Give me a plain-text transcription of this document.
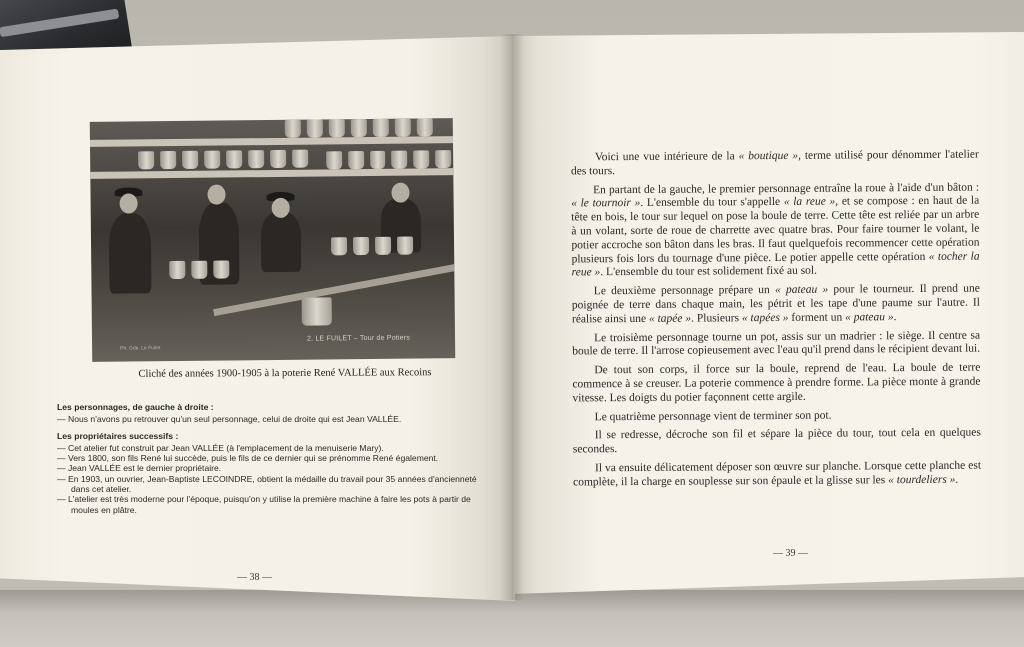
2. LE FUILET – Tour de Potiers
Ph. Gde. Le Fuilet
Cliché des années 1900-1905 à la poterie René VALLÉE aux Recoins
Les personnages, de gauche à droite :
— Nous n'avons pu retrouver qu'un seul personnage, celui de droite qui est Jean VALLÉE.
Les propriétaires successifs :
— Cet atelier fut construit par Jean VALLÉE (à l'emplacement de la menuiserie Mary).
— Vers 1800, son fils René lui succède, puis le fils de ce dernier qui se prénomme René également.
— Jean VALLÉE est le dernier propriétaire.
— En 1903, un ouvrier, Jean-Baptiste LECOINDRE, obtient la médaille du travail pour 35 années d'ancienneté dans cet atelier.
— L'atelier est très moderne pour l'époque, puisqu'on y utilise la première machine à faire les pots à partir de moules en plâtre.
— 38 —

Voici une vue intérieure de la « boutique », terme utilisé pour dénommer l'atelier des tours.

En partant de la gauche, le premier personnage entraîne la roue à l'aide d'un bâton : « le tournoir ». L'ensemble du tour s'appelle « la reue », et se compose : en haut de la tête en bois, le tour sur lequel on pose la boule de terre. Cette tête est reliée par un arbre à un volant, sorte de roue de charrette avec quatre bras. Pour faire tourner le volant, le potier accroche son bâton dans les bras. Il faut quelquefois recommencer cette opération plusieurs fois lors du tournage d'une pièce. Le potier appelle cette opération « tocher la reue ». L'ensemble du tour est solidement fixé au sol.

Le deuxième personnage prépare un « pateau » pour le tourneur. Il prend une poignée de terre dans chaque main, les pétrit et les tape d'une paume sur l'autre. Il réalise ainsi une « tapée ». Plusieurs « tapées » forment un « pateau ».

Le troisième personnage tourne un pot, assis sur un madrier : le siège. Il centre sa boule de terre. Il l'arrose copieusement avec l'eau qu'il prend dans le récipient devant lui.

De tout son corps, il force sur la boule, reprend de l'eau. La boule de terre commence à se creuser. La poterie commence à prendre forme. La pièce monte à grande vitesse. Les doigts du potier façonnent cette argile.

Le quatrième personnage vient de terminer son pot.

Il se redresse, décroche son fil et sépare la pièce du tour, tout cela en quelques secondes.

Il va ensuite délicatement déposer son œuvre sur planche. Lorsque cette planche est complète, il la charge en souplesse sur son épaule et la glisse sur les « tourdeliers ».

— 39 —
